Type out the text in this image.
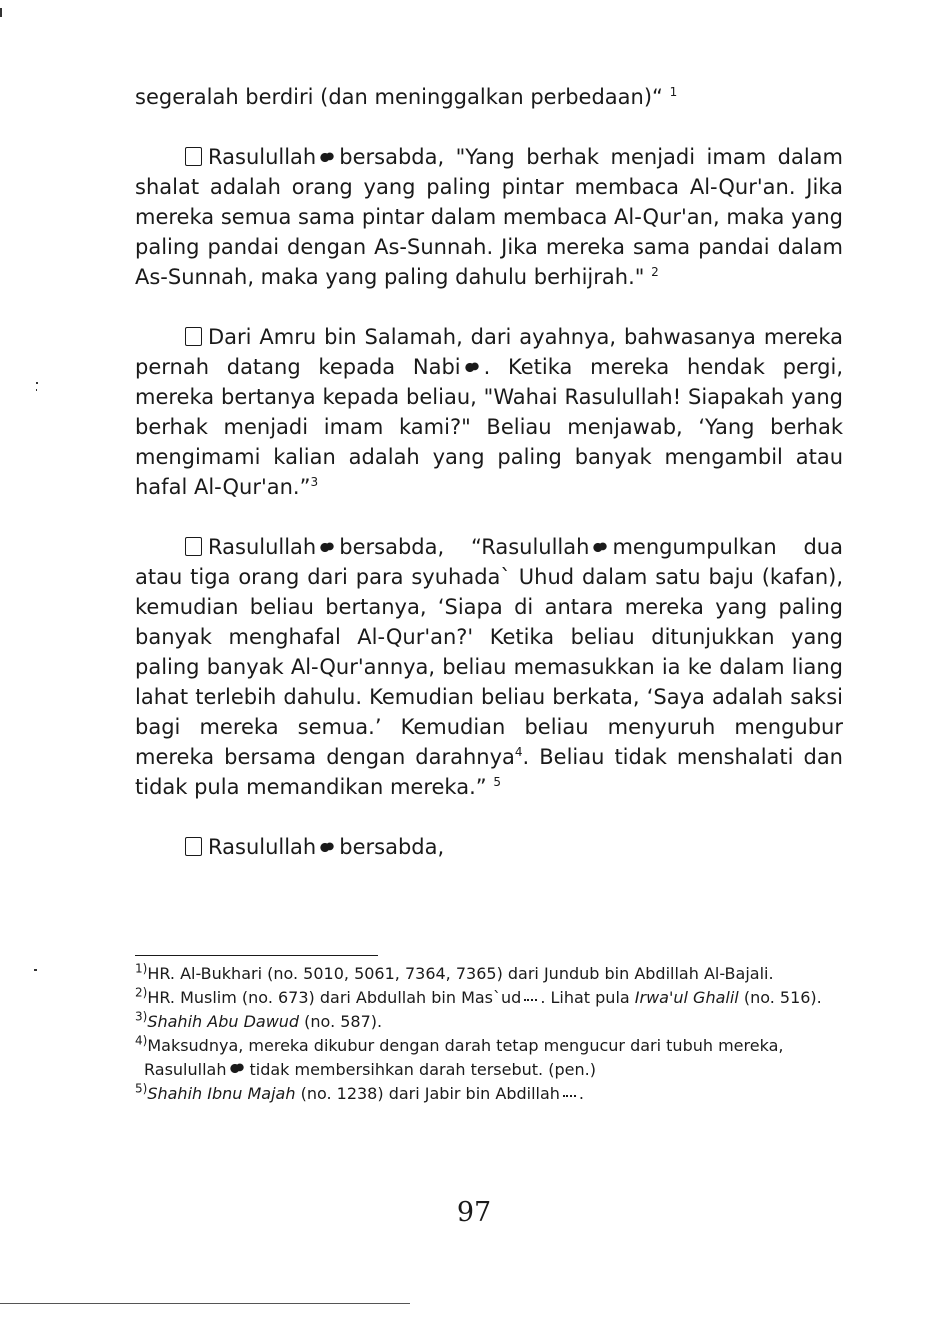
segeralah berdiri (dan meninggalkan perbedaan)“ $^1$

Rasulullah bersabda, "Yang berhak menjadi imam dalam shalat adalah orang yang paling pintar membaca Al-Qur'an. Jika mereka semua sama pintar dalam membaca Al-Qur'an, maka yang paling pandai dengan As-Sunnah. Jika mereka sama pandai dalam As-Sunnah, maka yang paling dahulu berhijrah." $^2$

Dari Amru bin Salamah, dari ayahnya, bahwasanya mereka pernah datang kepada Nabi . Ketika mereka hendak pergi, mereka bertanya kepada beliau, "Wahai Rasulullah! Siapakah yang berhak menjadi imam kami?" Beliau menjawab, ‘Yang berhak mengimami kalian adalah yang paling banyak mengambil atau hafal Al-Qur'an.”$^3$

Rasulullah bersabda, “Rasulullah mengumpulkan dua atau tiga orang dari para syuhada` Uhud dalam satu baju (kafan), kemudian beliau bertanya, ‘Siapa di antara mereka yang paling banyak menghafal Al-Qur'an?' Ketika beliau ditunjukkan yang paling banyak Al-Qur'annya, beliau memasukkan ia ke dalam liang lahat terlebih dahulu. Kemudian beliau berkata, ‘Saya adalah saksi bagi mereka semua.’ Kemudian beliau menyuruh mengubur mereka bersama dengan darahnya$^4$. Beliau tidak menshalati dan tidak pula memandikan mereka.” $^5$

Rasulullah bersabda,

$^{1)}$HR. Al-Bukhari (no. 5010, 5061, 7364, 7365) dari Jundub bin Abdillah Al-Bajali.

$^{2)}$HR. Muslim (no. 673) dari Abdullah bin Mas`ud . Lihat pula Irwa'ul Ghalil (no. 516).

$^{3)}$Shahih Abu Dawud (no. 587).

$^{4)}$Maksudnya, mereka dikubur dengan darah tetap mengucur dari tubuh mereka, Rasulullah tidak membersihkan darah tersebut. (pen.)

$^{5)}$Shahih Ibnu Majah (no. 1238) dari Jabir bin Abdillah .

97
